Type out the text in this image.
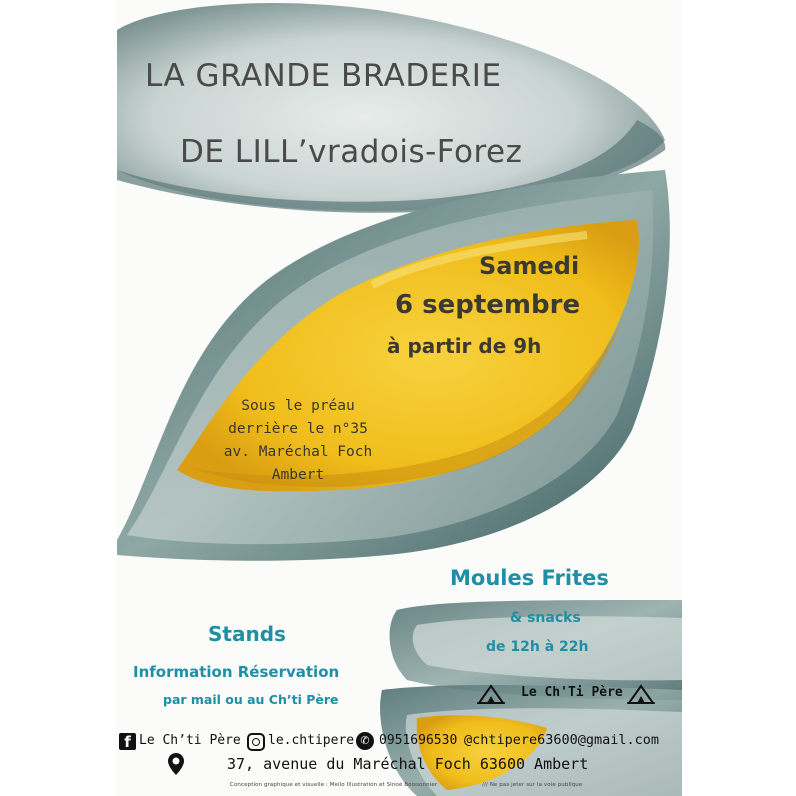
LA GRANDE BRADERIE
DE LILL’vradois-Forez
Samedi
6 septembre
à partir de 9h
Sous le préau
derrière le n°35
av. Maréchal Foch
Ambert
Moules Frites
& snacks
de 12h à 22h
Stands
Information Réservation
par mail ou au Ch’ti Père	Le Ch'Ti Père
f Le Ch’ti Père le.chtipere ✆ 0951696530 @chtipere63600@gmail.com
37, avenue du Maréchal Foch 63600 Ambert
Conception graphique et visuelle : Meilo Illustration et Sinoé Boissonnier	/// Ne pas jeter sur la voie publique
